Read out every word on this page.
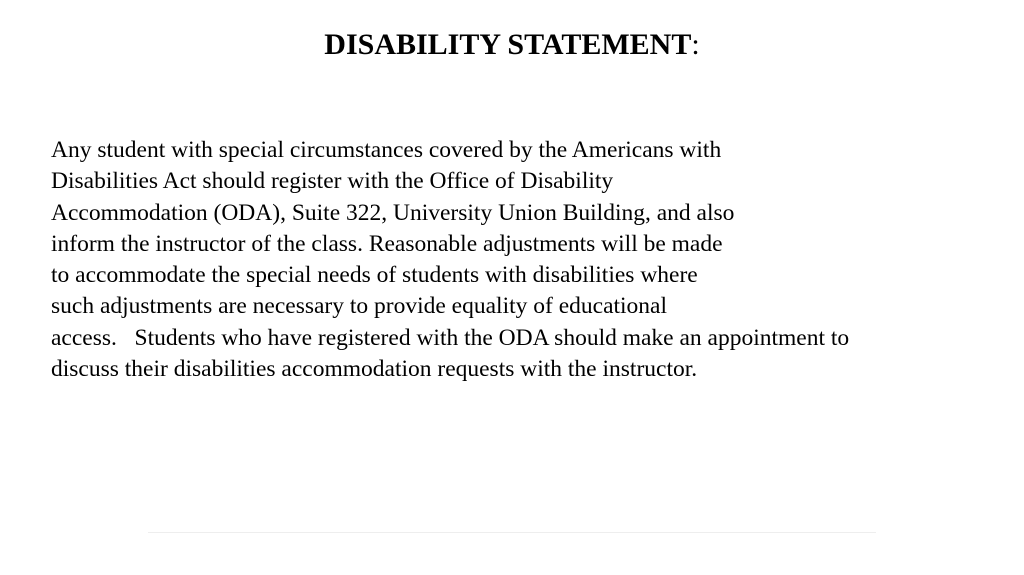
DISABILITY STATEMENT:
Any student with special circumstances covered by the Americans with
Disabilities Act should register with the Office of Disability
Accommodation (ODA), Suite 322, University Union Building, and also
inform the instructor of the class. Reasonable adjustments will be made
to accommodate the special needs of students with disabilities where
such adjustments are necessary to provide equality of educational
access.   Students who have registered with the ODA should make an appointment to
discuss their disabilities accommodation requests with the instructor.
